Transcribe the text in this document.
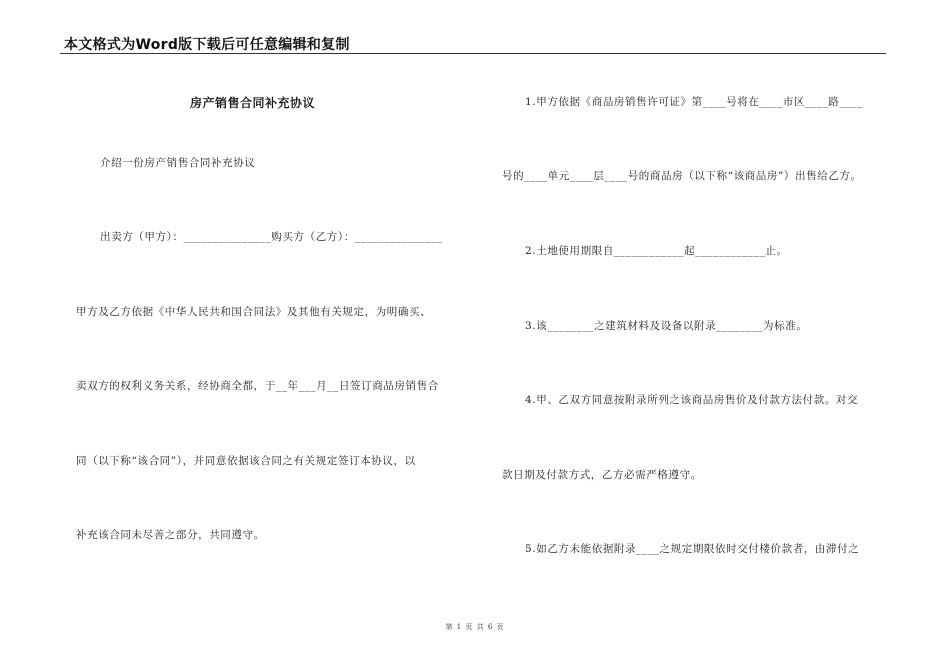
本文格式为Word版下载后可任意编辑和复制
房产销售合同补充协议
介绍一份房产销售合同补充协议
出卖方（甲方）：_______________购买方（乙方）：_______________
甲方及乙方依据《中华人民共和国合同法》及其他有关规定，为明确买、
卖双方的权利义务关系，经协商全都，于__年___月__日签订商品房销售合
同（以下称“该合同”），并同意依据该合同之有关规定签订本协议，以
补充该合同未尽善之部分，共同遵守。
1.甲方依据《商品房销售许可证》第____号将在____市区____路____
号的____单元____层____号的商品房（以下称“该商品房”）出售给乙方。
2.土地使用期限自____________起____________止。
3.该________之建筑材料及设备以附录________为标准。
4.甲、乙双方同意按附录所列之该商品房售价及付款方法付款。对交
款日期及付款方式，乙方必需严格遵守。
5.如乙方未能依据附录____之规定期限依时交付楼价款者，由滞付之
第 1 页 共 6 页
